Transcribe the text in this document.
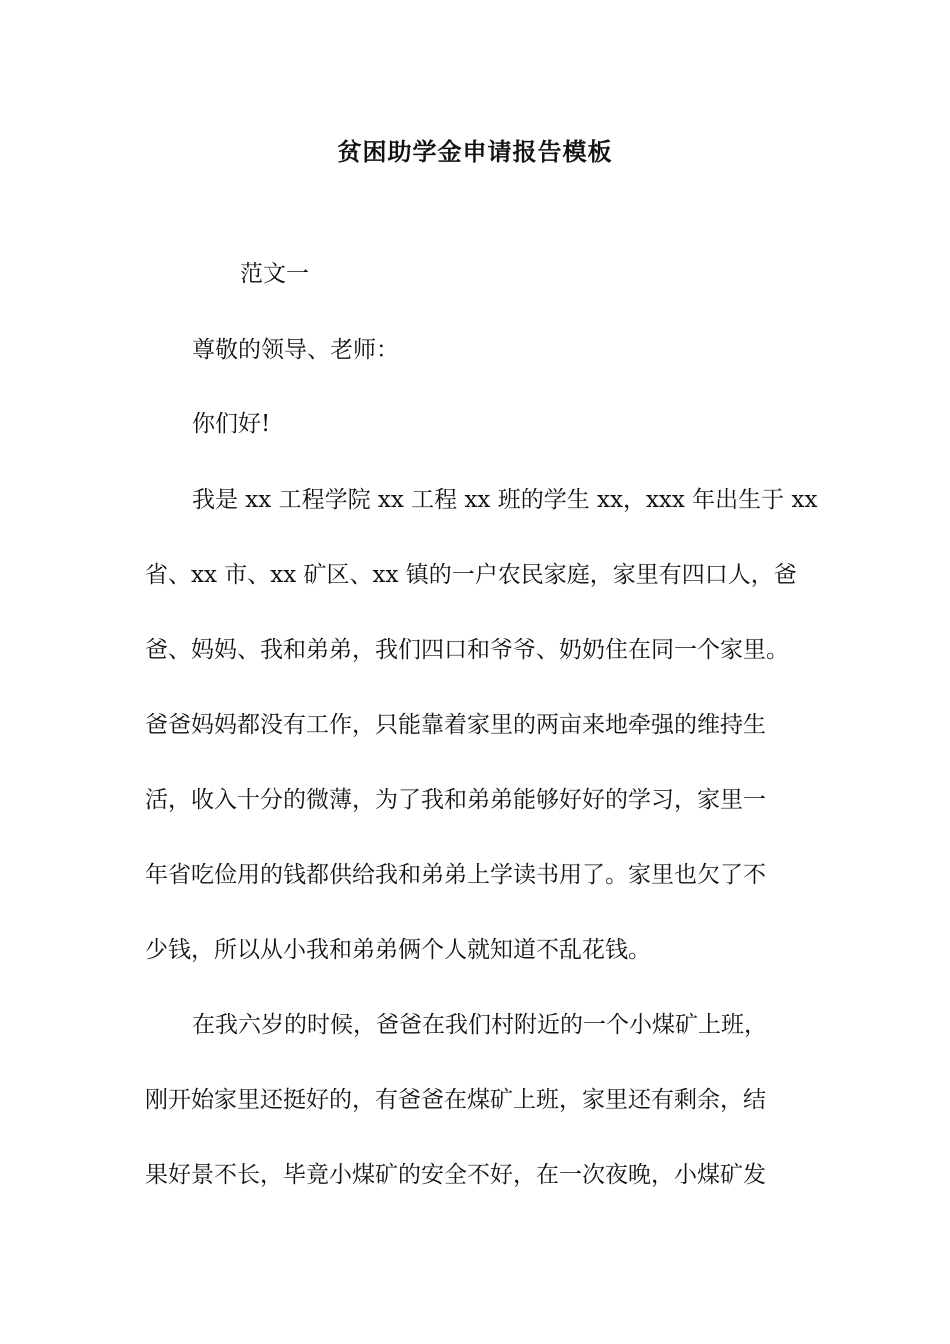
贫困助学金申请报告模板

范文一

尊敬的领导、老师：

你们好!

我是 xx 工程学院 xx 工程 xx 班的学生 xx，xxx 年出生于 xx

省、xx 市、xx 矿区、xx 镇的一户农民家庭，家里有四口人，爸

爸、妈妈、我和弟弟，我们四口和爷爷、奶奶住在同一个家里。

爸爸妈妈都没有工作，只能靠着家里的两亩来地牵强的维持生

活，收入十分的微薄，为了我和弟弟能够好好的学习，家里一

年省吃俭用的钱都供给我和弟弟上学读书用了。家里也欠了不

少钱，所以从小我和弟弟俩个人就知道不乱花钱。

在我六岁的时候，爸爸在我们村附近的一个小煤矿上班，

刚开始家里还挺好的，有爸爸在煤矿上班，家里还有剩余，结

果好景不长，毕竟小煤矿的安全不好，在一次夜晚，小煤矿发
